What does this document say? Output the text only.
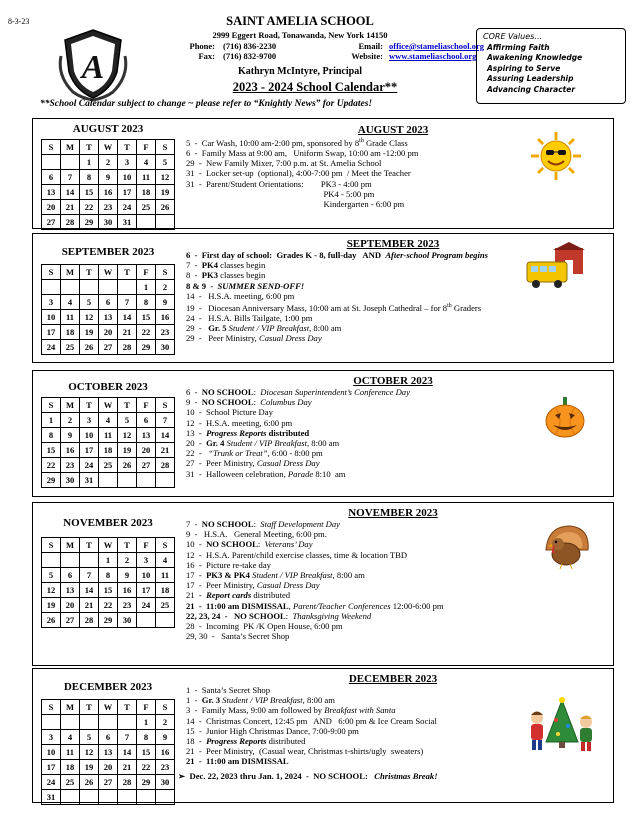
8-3-23
A
SAINT AMELIA SCHOOL
2999 Eggert Road, Tonawanda, New York 14150
Phone: (716) 836-2230	Email: office@stameliaschool.org
Fax: (716) 832-9700	Website: www.stameliaschool.org
Kathryn McIntyre, Principal
2023 - 2024 School Calendar**
**School Calendar subject to change ~ please refer to “Knightly News” for Updates!
CORE Values…
Affirming Faith
Awakening Knowledge
Aspiring to Serve
Assuring Leadership
Advancing Character
AUGUST 2023
S	M	T	W	T	F	S
		1	2	3	4	5
6	7	8	9	10	11	12
13	14	15	16	17	18	19
20	21	22	23	24	25	26
27	28	29	30	31		
AUGUST 2023
5  -  Car Wash, 10:00 am-2:00 pm, sponsored by 8th Grade Class
6  -  Family Mass at 9:00 am,   Uniform Swap, 10:00 am -12:00 pm
29  -  New Family Mixer, 7:00 p.m. at St. Amelia School
31  -  Locker set-up  (optional), 4:00-7:00 pm  / Meet the Teacher
31  -  Parent/Student Orientations:        PK3 - 4:00 pm
PK4 - 5:00 pm
Kindergarten - 6:00 pm
SEPTEMBER 2023
S	M	T	W	T	F	S
					1	2
3	4	5	6	7	8	9
10	11	12	13	14	15	16
17	18	19	20	21	22	23
24	25	26	27	28	29	30
SEPTEMBER 2023
6  -  First day of school:  Grades K - 8, full-day   AND  After-school Program begins
7  -  PK4 classes begin
8  -  PK3 classes begin
8 & 9  -  SUMMER SEND-OFF!
14  -   H.S.A. meeting, 6:00 pm
19  -   Diocesan Anniversary Mass, 10:00 am at St. Joseph Cathedral – for 8th Graders
24  -   H.S.A. Bills Tailgate, 1:00 pm
29  -   Gr. 5 Student / VIP Breakfast, 8:00 am
29  -   Peer Ministry, Casual Dress Day
OCTOBER 2023
S	M	T	W	T	F	S
1	2	3	4	5	6	7
8	9	10	11	12	13	14
15	16	17	18	19	20	21
22	23	24	25	26	27	28
29	30	31				
OCTOBER 2023
6  -  NO SCHOOL:  Diocesan Superintendent’s Conference Day
9  -  NO SCHOOL:  Columbus Day
10  -  School Picture Day
12  -  H.S.A. meeting, 6:00 pm
13  -  Progress Reports distributed
20  -  Gr. 4 Student / VIP Breakfast, 8:00 am
22  -   “Trunk or Treat”, 6:00 - 8:00 pm
27  -  Peer Ministry, Casual Dress Day
31  -  Halloween celebration, Parade 8:10  am
NOVEMBER 2023
S	M	T	W	T	F	S
			1	2	3	4
5	6	7	8	9	10	11
12	13	14	15	16	17	18
19	20	21	22	23	24	25
26	27	28	29	30		
NOVEMBER 2023
7  -  NO SCHOOL:  Staff Development Day
9  -   H.S.A.   General Meeting, 6:00 pm.
10  -  NO SCHOOL:  Veterans’ Day
12  -  H.S.A. Parent/child exercise classes, time & location TBD
16  -  Picture re-take day
17  -  PK3 & PK4 Student / VIP Breakfast, 8:00 am
17  -  Peer Ministry, Casual Dress Day
21  -  Report cards distributed
21  -  11:00 am DISMISSAL, Parent/Teacher Conferences 12:00-6:00 pm
22, 23, 24  -   NO SCHOOL:  Thanksgiving Weekend
28  -  Incoming  PK /K Open House, 6:00 pm
29, 30  -   Santa’s Secret Shop
DECEMBER 2023
S	M	T	W	T	F	S
					1	2
3	4	5	6	7	8	9
10	11	12	13	14	15	16
17	18	19	20	21	22	23
24	25	26	27	28	29	30
31						
DECEMBER 2023
1  -  Santa’s Secret Shop
1  -  Gr. 3 Student / VIP Breakfast, 8:00 am
3  -  Family Mass, 9:00 am followed by Breakfast with Santa
14  -  Christmas Concert, 12:45 pm   AND   6:00 pm & Ice Cream Social
15  -  Junior High Christmas Dance, 7:00-9:00 pm
18  -  Progress Reports distributed
21  -  Peer Ministry,  (Casual wear, Christmas t-shirts/ugly  sweaters)
21  -  11:00 am DISMISSAL
➢  Dec. 22, 2023 thru Jan. 1, 2024  -  NO SCHOOL:   Christmas Break!
